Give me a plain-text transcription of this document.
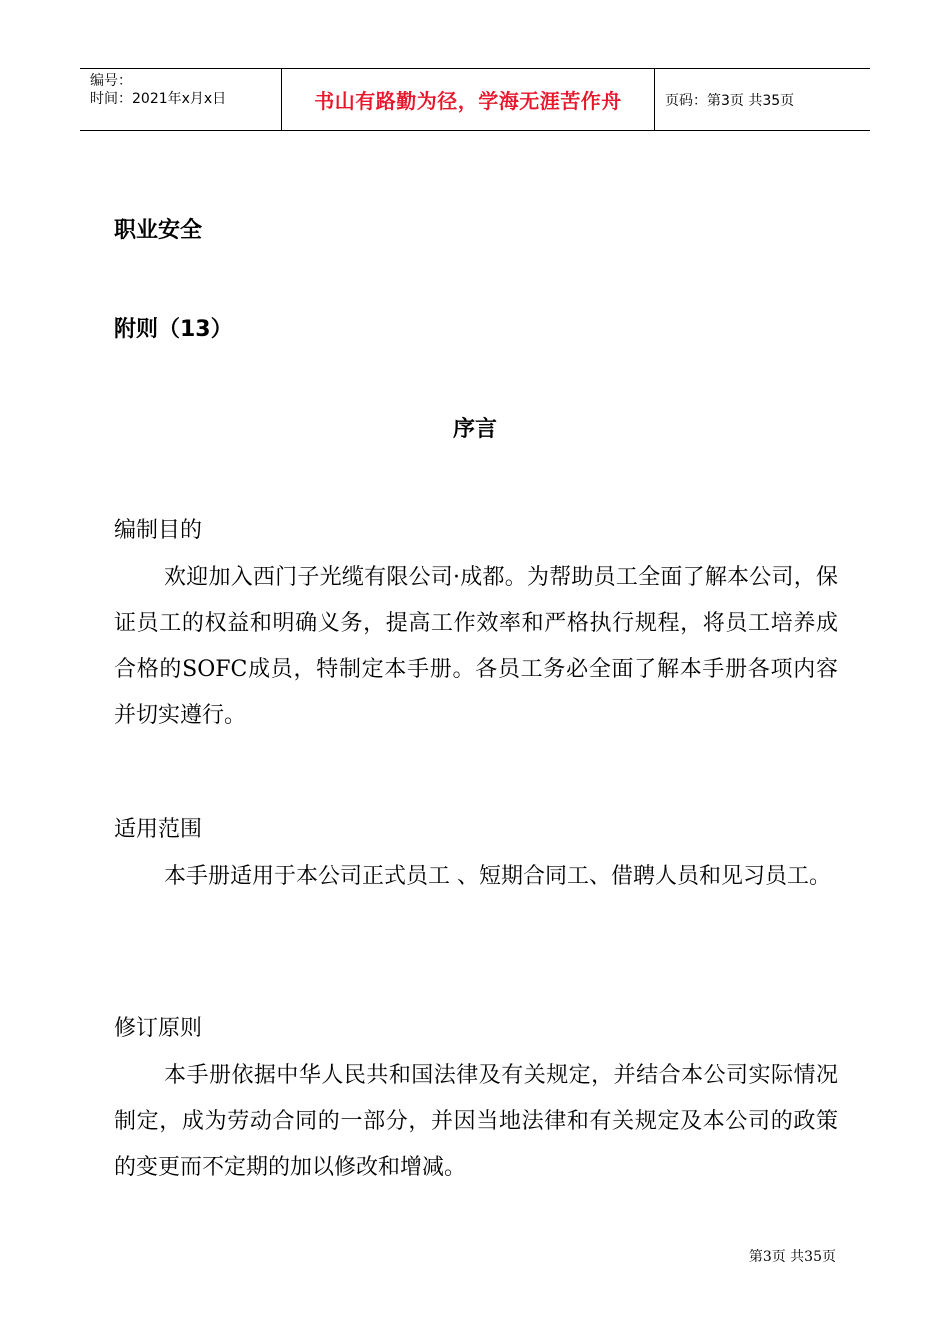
编号：
时间：2021年x月x日	书山有路勤为径，学海无涯苦作舟	页码：第3页 共35页
职业安全
附则（13）
序言
编制目的

欢迎加入西门子光缆有限公司·成都。为帮助员工全面了解本公司，保证员工的权益和明确义务，提高工作效率和严格执行规程，将员工培养成合格的SOFC成员，特制定本手册。各员工务必全面了解本手册各项内容并切实遵行。

适用范围

本手册适用于本公司正式员工 、短期合同工、借聘人员和见习员工。

修订原则

本手册依据中华人民共和国法律及有关规定，并结合本公司实际情况制定，成为劳动合同的一部分，并因当地法律和有关规定及本公司的政策的变更而不定期的加以修改和增减。

第3页 共35页
